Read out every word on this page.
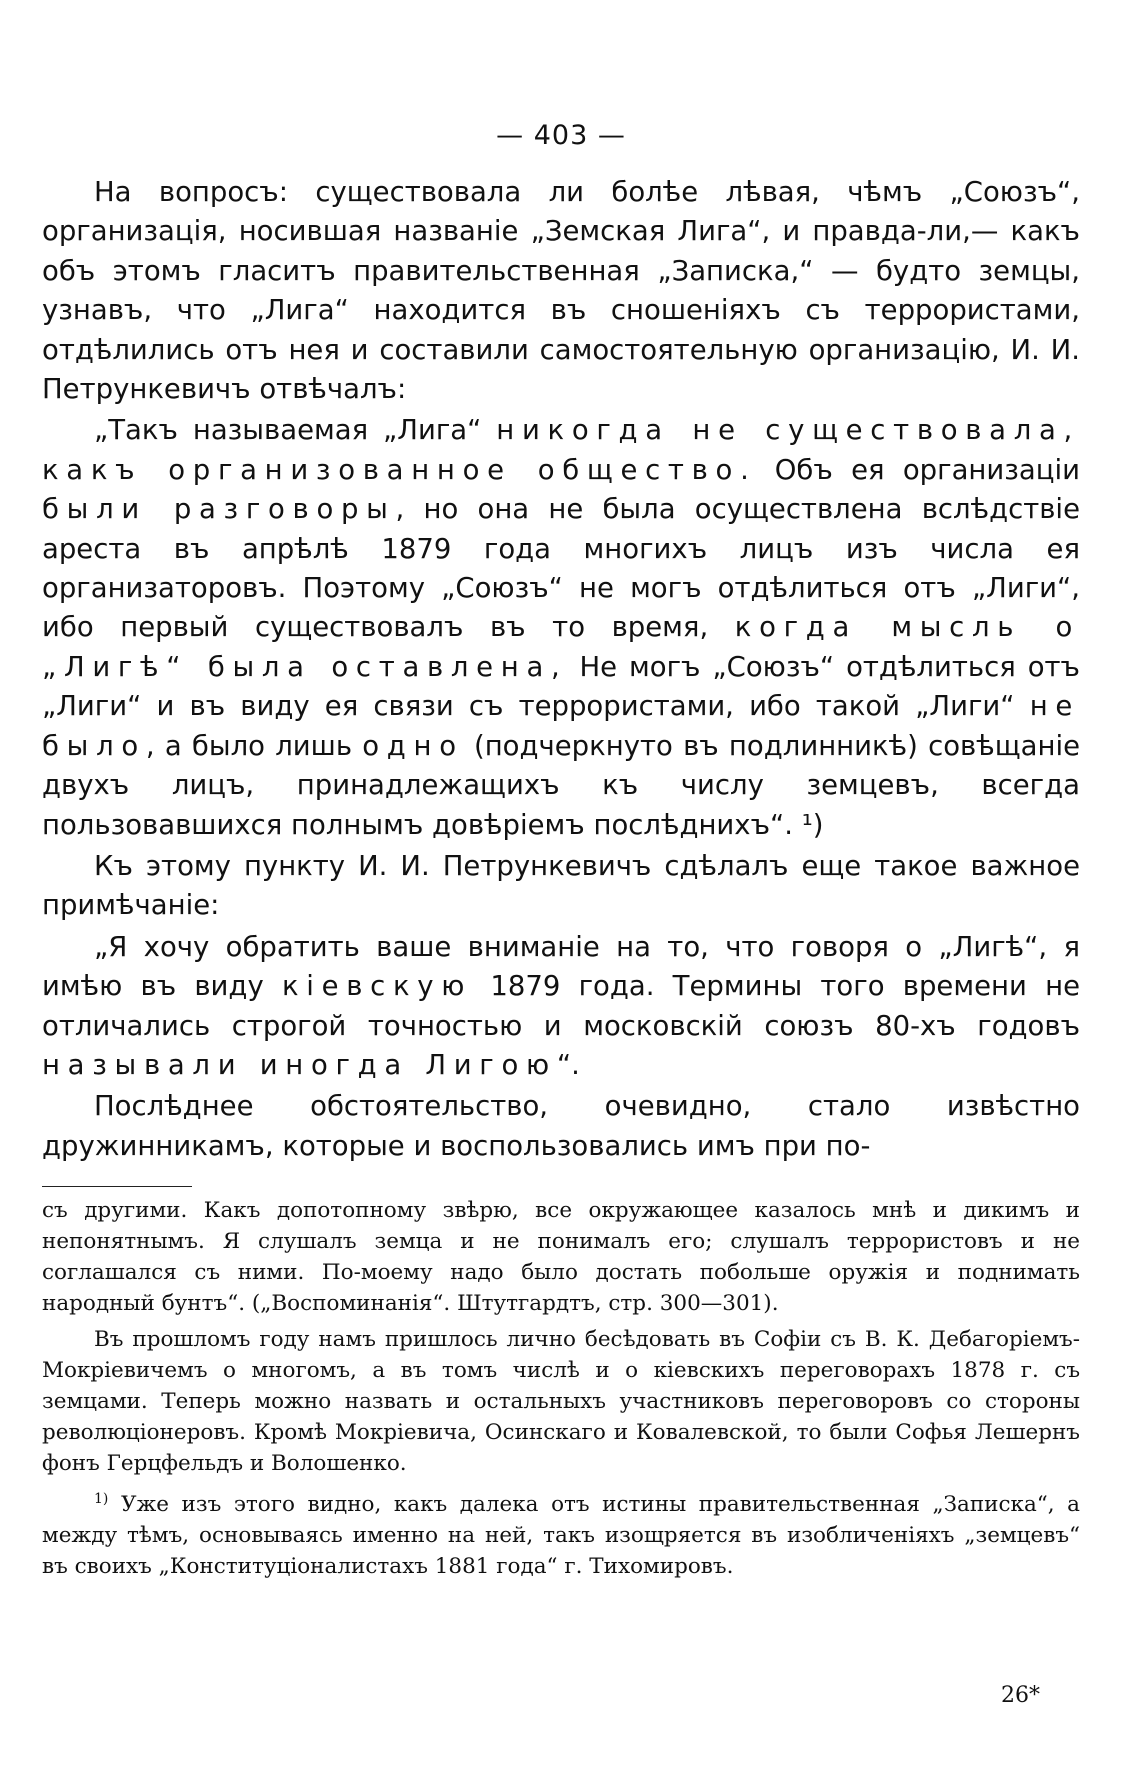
— 403 —

На вопросъ: существовала ли болѣе лѣвая, чѣмъ „Союзъ“, организацiя, носившая названiе „Земская Лига“, и правда-ли,— какъ объ этомъ гласитъ правительственная „Записка,“ — будто земцы, узнавъ, что „Лига“ находится въ сношенiяхъ съ террористами, отдѣлились отъ нея и составили самостоятельную организацiю, И. И. Петрункевичъ отвѣчалъ:

„Такъ называемая „Лига“ никогда не существовала, какъ организованное общество. Объ ея организацiи были разговоры, но она не была осуществлена вслѣдствiе ареста въ апрѣлѣ 1879 года многихъ лицъ изъ числа ея организаторовъ. Поэтому „Союзъ“ не могъ отдѣлиться отъ „Лиги“, ибо первый существовалъ въ то время, когда мысль о „Лигѣ“ была оставлена, Не могъ „Союзъ“ отдѣлиться отъ „Лиги“ и въ виду ея связи съ террористами, ибо такой „Лиги“ не было, а было лишь одно (подчеркнуто въ подлинникѣ) совѣщанiе двухъ лицъ, принадлежащихъ къ числу земцевъ, всегда пользовавшихся полнымъ довѣрiемъ послѣднихъ“. ¹)

Къ этому пункту И. И. Петрункевичъ сдѣлалъ еще такое важное примѣчанiе:

„Я хочу обратить ваше вниманiе на то, что говоря о „Лигѣ“, я имѣю въ виду кiевскую 1879 года. Термины того времени не отличались строгой точностью и московскiй союзъ 80-хъ годовъ называли иногда Лигою“.

Послѣднее обстоятельство, очевидно, стало извѣстно дружинникамъ, которые и воспользовались имъ при по-

съ другими. Какъ допотопному звѣрю, все окружающее казалось мнѣ и дикимъ и непонятнымъ. Я слушалъ земца и не понималъ его; слушалъ террористовъ и не соглашался съ ними. По-моему надо было достать побольше оружiя и поднимать народный бунтъ“. („Воспоминанiя“. Штутгардтъ, стр. 300—301).

Въ прошломъ году намъ пришлось лично бесѣдовать въ Софiи съ В. К. Дебагорiемъ-Мокрiевичемъ о многомъ, а въ томъ числѣ и о кiевскихъ переговорахъ 1878 г. съ земцами. Теперь можно назвать и остальныхъ участниковъ переговоровъ со стороны революцiонеровъ. Кромѣ Мокрiевича, Осинскаго и Ковалевской, то были Софья Лешернъ фонъ Герцфельдъ и Волошенко.

$^{1)}$ Уже изъ этого видно, какъ далека отъ истины правительственная „Записка“, а между тѣмъ, основываясь именно на ней, такъ изощряется въ изобличенiяхъ „земцевъ“ въ своихъ „Конституцiоналистахъ 1881 года“ г. Тихомировъ.

26*
